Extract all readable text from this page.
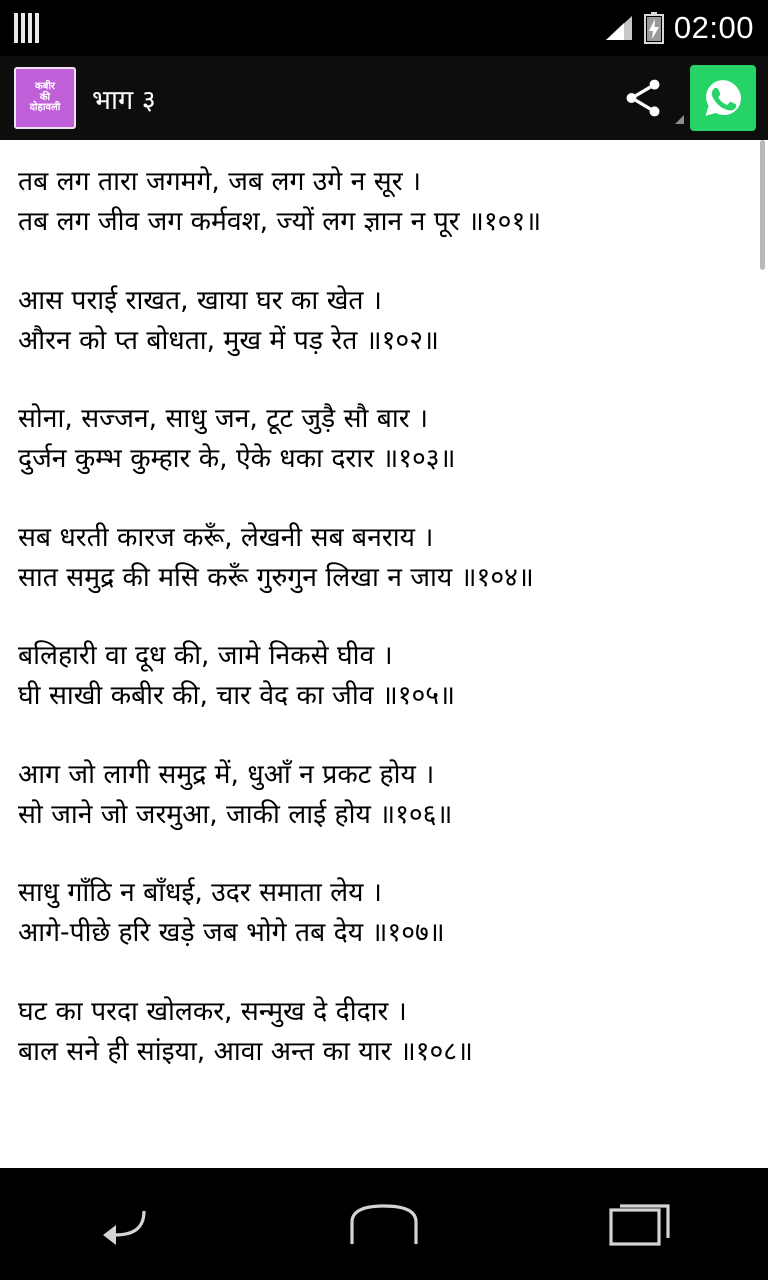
02:00
कबीर
की
दोहावली भाग ३
तब लग तारा जगमगे, जब लग उगे न सूर ।
तब लग जीव जग कर्मवश, ज्यों लग ज्ञान न पूर ॥१०१॥
आस पराई राखत, खाया घर का खेत ।
औरन को प्त बोधता, मुख में पड़ रेत ॥१०२॥
सोना, सज्जन, साधु जन, टूट जुड़ै सौ बार ।
दुर्जन कुम्भ कुम्हार के, ऐके धका दरार ॥१०३॥
सब धरती कारज करूँ, लेखनी सब बनराय ।
सात समुद्र की मसि करूँ गुरुगुन लिखा न जाय ॥१०४॥
बलिहारी वा दूध की, जामे निकसे घीव ।
घी साखी कबीर की, चार वेद का जीव ॥१०५॥
आग जो लागी समुद्र में, धुआँ न प्रकट होय ।
सो जाने जो जरमुआ, जाकी लाई होय ॥१०६॥
साधु गाँठि न बाँधई, उदर समाता लेय ।
आगे-पीछे हरि खड़े जब भोगे तब देय ॥१०७॥
घट का परदा खोलकर, सन्मुख दे दीदार ।
बाल सने ही सांइया, आवा अन्त का यार ॥१०८॥
